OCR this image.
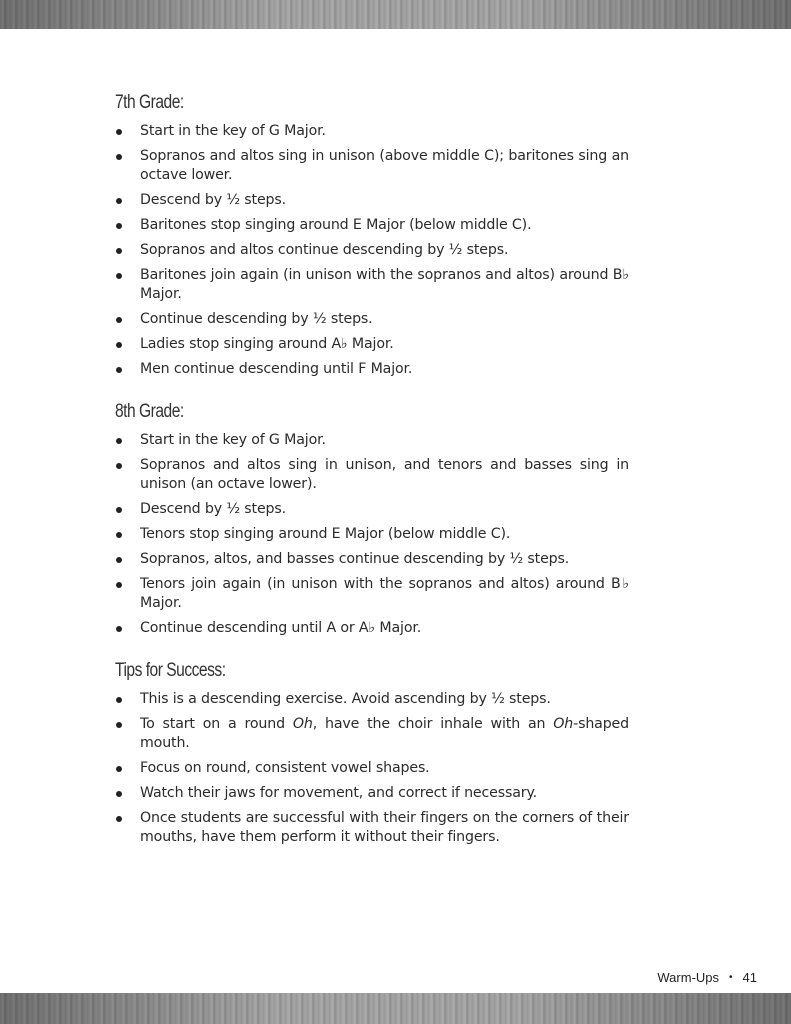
7th Grade:
Start in the key of G Major.
Sopranos and altos sing in unison (above middle C); baritones sing an octave lower.
Descend by ½ steps.
Baritones stop singing around E Major (below middle C).
Sopranos and altos continue descending by ½ steps.
Baritones join again (in unison with the sopranos and altos) around B♭ Major.
Continue descending by ½ steps.
Ladies stop singing around A♭ Major.
Men continue descending until F Major.
8th Grade:
Start in the key of G Major.
Sopranos and altos sing in unison, and tenors and basses sing in unison (an octave lower).
Descend by ½ steps.
Tenors stop singing around E Major (below middle C).
Sopranos, altos, and basses continue descending by ½ steps.
Tenors join again (in unison with the sopranos and altos) around B♭ Major.
Continue descending until A or A♭ Major.
Tips for Success:
This is a descending exercise. Avoid ascending by ½ steps.
To start on a round Oh, have the choir inhale with an Oh-shaped mouth.
Focus on round, consistent vowel shapes.
Watch their jaws for movement, and correct if necessary.
Once students are successful with their fingers on the corners of their mouths, have them perform it without their fingers.
Warm-Ups • 41
